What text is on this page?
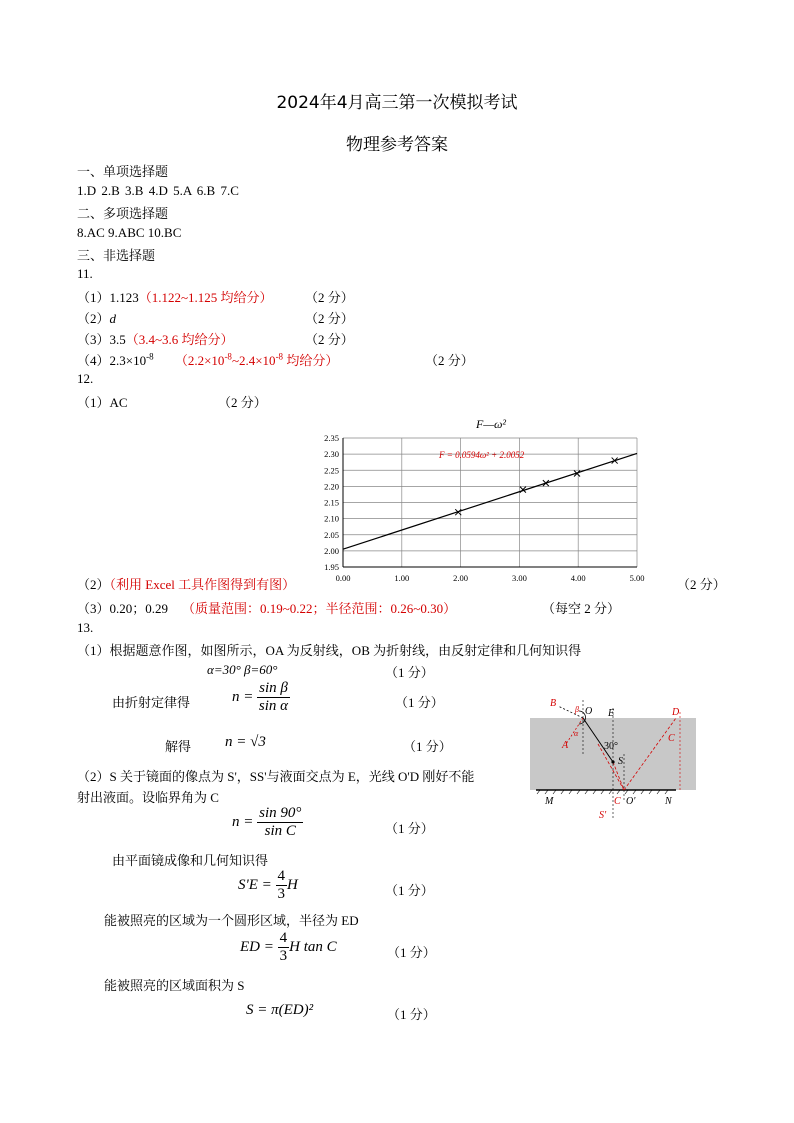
2024年4月高三第一次模拟考试
物理参考答案
一、单项选择题
1.D 2.B 3.B 4.D 5.A 6.B 7.C
二、多项选择题
8.AC 9.ABC 10.BC
三、非选择题
11.
（1）1.123（1.122~1.125 均给分） （2 分）
（2）d	（2 分）
（3）3.5（3.4~3.6 均给分）	（2 分）
$(4)2.3\times 10^{-8}$ （$2.2\times 10^{-8}\sim 2.4\times 10^{-8}$ 均给分）	（2 分）
12.
（1）AC	（2 分）
2.35
2.30
2.25
2.20
2.15
2.10
2.05
2.00
1.95
0.00	1.00	2.00	3.00	4.00	5.00
F—ω²
F = 0.0594ω² + 2.0052
（2）（利用 Excel 工具作图得到有图）	（2 分）
（3）0.20；0.29 （质量范围：0.19~0.22；半径范围：0.26~0.30）	（每空 2 分）
13.
（1）根据题意作图，如图所示，OA 为反射线，OB 为折射线，由反射定律和几何知识得
α=30° β=60°	（1 分）
由折射定律得	$n = \frac{\text{sin β}}{\text{sin α}}$	（1 分）
解得 n = √3	（1 分）
（2）S 关于镜面的像点为 S'，SS'与液面交点为 E，光线 O'D 刚好不能
射出液面。设临界角为 C
$n = \frac{\sin 90^\circ}{\text{sin C}}$	（1 分）
由平面镜成像和几何知识得
$S'E = \frac{4}{3}$ H	（1 分）
能被照亮的区域为一个圆形区域，半径为 ED
ED = $\frac{4}{3}$ H tan C	（1 分）
能被照亮的区域面积为 S
S = π(ED)²	（1 分）
B
β O E	D
A
α
30°
C
S
M	C O'	N
S'
